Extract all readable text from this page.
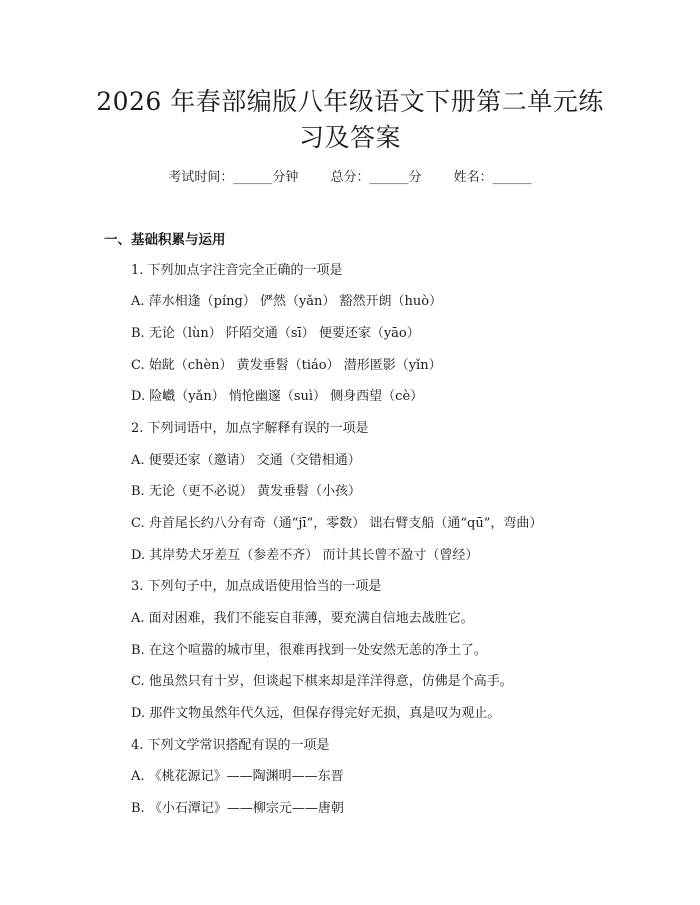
2026 年春部编版八年级语文下册第二单元练
习及答案
考试时间：______分钟 总分：______分 姓名：______
一、基础积累与运用
1. 下列加点字注音完全正确的一项是
A. 萍水相逢（píng） 俨然（yǎn） 豁然开朗（huò）
B. 无论（lùn） 阡陌交通（sī） 便要还家（yāo）
C. 始龀（chèn） 黄发垂髫（tiáo） 潜形匿影（yǐn）
D. 险巇（yǎn） 悄怆幽邃（suì） 侧身西望（cè）
2. 下列词语中，加点字解释有误的一项是
A. 便要还家（邀请） 交通（交错相通）
B. 无论（更不必说） 黄发垂髫（小孩）
C. 舟首尾长约八分有奇（通“jī”，零数） 诎右臂支船（通“qū”，弯曲）
D. 其岸势犬牙差互（参差不齐） 而计其长曾不盈寸（曾经）
3. 下列句子中，加点成语使用恰当的一项是
A. 面对困难，我们不能妄自菲薄，要充满自信地去战胜它。
B. 在这个喧嚣的城市里，很难再找到一处安然无恙的净土了。
C. 他虽然只有十岁，但谈起下棋来却是洋洋得意，仿佛是个高手。
D. 那件文物虽然年代久远，但保存得完好无损，真是叹为观止。
4. 下列文学常识搭配有误的一项是
A. 《桃花源记》——陶渊明——东晋
B. 《小石潭记》——柳宗元——唐朝
